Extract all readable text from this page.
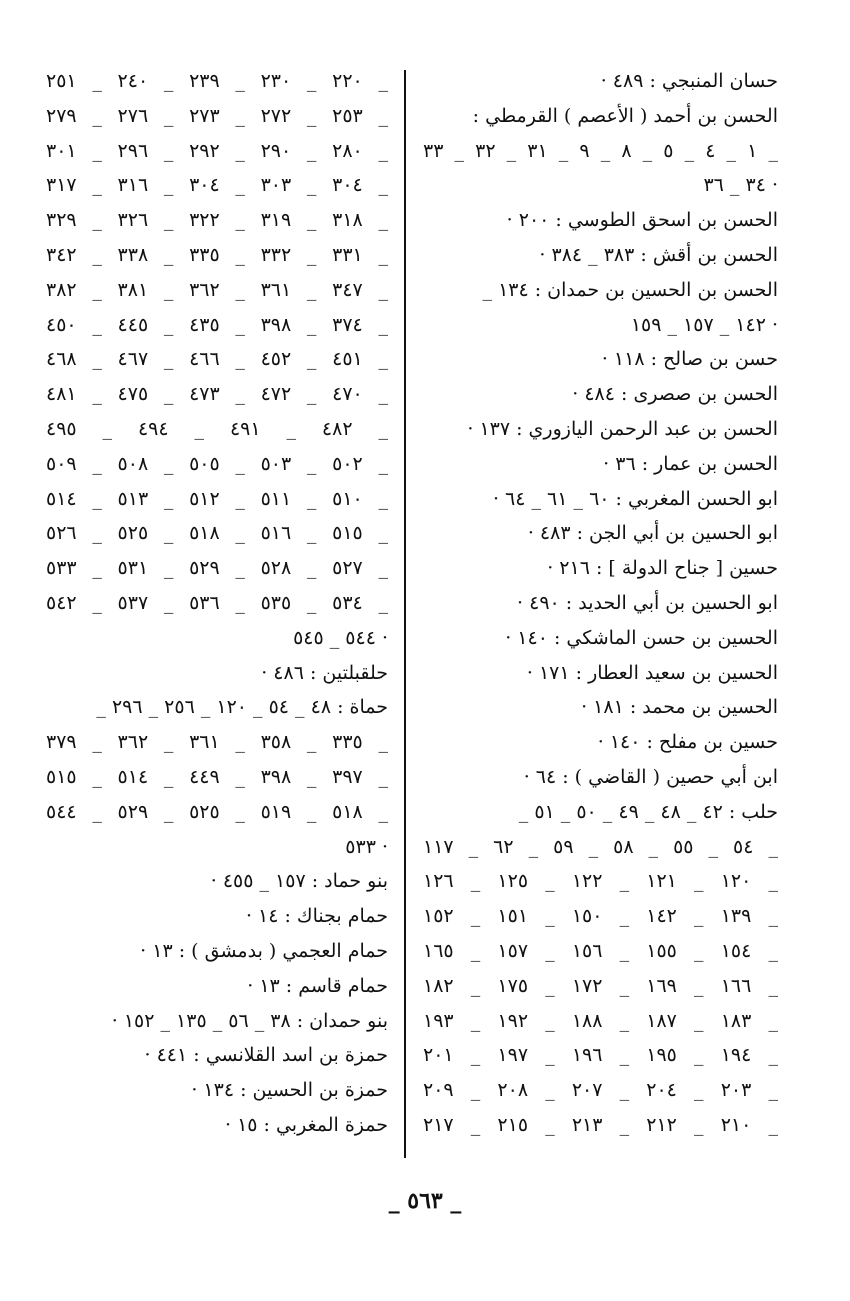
حسان المنبجي : ٤٨٩ ·
الحسن بن أحمد ( الأعصم ) القرمطي :
١ _ ٤ _ ٥ _ ٨ _ ٩ _ ٣١ _ ٣٢ _ ٣٣ _
٣٤ _ ٣٦ ·
الحسن بن اسحق الطوسي : ٢٠٠ ·
الحسن بن أقش : ٣٨٣ _ ٣٨٤ ·
الحسن بن الحسين بن حمدان : ١٣٤ _
١٤٢ _ ١٥٧ _ ١٥٩ ·
حسن بن صالح : ١١٨ ·
الحسن بن صصرى : ٤٨٤ ·
الحسن بن عبد الرحمن اليازوري : ١٣٧ ·
الحسن بن عمار : ٣٦ ·
ابو الحسن المغربي : ٦٠ _ ٦١ _ ٦٤ ·
ابو الحسين بن أبي الجن : ٤٨٣ ·
حسين [ جناح الدولة ] : ٢١٦ ·
ابو الحسين بن أبي الحديد : ٤٩٠ ·
الحسين بن حسن الماشكي : ١٤٠ ·
الحسين بن سعيد العطار : ١٧١ ·
الحسين بن محمد : ١٨١ ·
حسين بن مفلح : ١٤٠ ·
ابن أبي حصين ( القاضي ) : ٦٤ ·
حلب : ٤٢ _ ٤٨ _ ٤٩ _ ٥٠ _ ٥١ _
٥٤ _ ٥٥ _ ٥٨ _ ٥٩ _ ٦٢ _ ١١٧ _
١٢٠ _ ١٢١ _ ١٢٢ _ ١٢٥ _ ١٢٦ _
١٣٩ _ ١٤٢ _ ١٥٠ _ ١٥١ _ ١٥٢ _
١٥٤ _ ١٥٥ _ ١٥٦ _ ١٥٧ _ ١٦٥ _
١٦٦ _ ١٦٩ _ ١٧٢ _ ١٧٥ _ ١٨٢ _
١٨٣ _ ١٨٧ _ ١٨٨ _ ١٩٢ _ ١٩٣ _
١٩٤ _ ١٩٥ _ ١٩٦ _ ١٩٧ _ ٢٠١ _
٢٠٣ _ ٢٠٤ _ ٢٠٧ _ ٢٠٨ _ ٢٠٩ _
٢١٠ _ ٢١٢ _ ٢١٣ _ ٢١٥ _ ٢١٧ _
٢٢٠ _ ٢٣٠ _ ٢٣٩ _ ٢٤٠ _ ٢٥١ _
٢٥٣ _ ٢٧٢ _ ٢٧٣ _ ٢٧٦ _ ٢٧٩ _
٢٨٠ _ ٢٩٠ _ ٢٩٢ _ ٢٩٦ _ ٣٠١ _
٣٠٤ _ ٣٠٣ _ ٣٠٤ _ ٣١٦ _ ٣١٧ _
٣١٨ _ ٣١٩ _ ٣٢٢ _ ٣٢٦ _ ٣٢٩ _
٣٣١ _ ٣٣٢ _ ٣٣٥ _ ٣٣٨ _ ٣٤٢ _
٣٤٧ _ ٣٦١ _ ٣٦٢ _ ٣٨١ _ ٣٨٢ _
٣٧٤ _ ٣٩٨ _ ٤٣٥ _ ٤٤٥ _ ٤٥٠ _
٤٥١ _ ٤٥٢ _ ٤٦٦ _ ٤٦٧ _ ٤٦٨ _
٤٧٠ _ ٤٧٢ _ ٤٧٣ _ ٤٧٥ _ ٤٨١ _
٤٨٢ _ ٤٩١ _ ٤٩٤ _ ٤٩٥ _
٥٠٢ _ ٥٠٣ _ ٥٠٥ _ ٥٠٨ _ ٥٠٩ _
٥١٠ _ ٥١١ _ ٥١٢ _ ٥١٣ _ ٥١٤ _
٥١٥ _ ٥١٦ _ ٥١٨ _ ٥٢٥ _ ٥٢٦ _
٥٢٧ _ ٥٢٨ _ ٥٢٩ _ ٥٣١ _ ٥٣٣ _
٥٣٤ _ ٥٣٥ _ ٥٣٦ _ ٥٣٧ _ ٥٤٢ _
٥٤٤ _ ٥٤٥ ·
حلقبلتين : ٤٨٦ ·
حماة : ٤٨ _ ٥٤ _ ١٢٠ _ ٢٥٦ _ ٢٩٦ _
٣٣٥ _ ٣٥٨ _ ٣٦١ _ ٣٦٢ _ ٣٧٩ _
٣٩٧ _ ٣٩٨ _ ٤٤٩ _ ٥١٤ _ ٥١٥ _
٥١٨ _ ٥١٩ _ ٥٢٥ _ ٥٢٩ _ ٥٤٤ _
٥٣٣ ·
بنو حماد : ١٥٧ _ ٤٥٥ ·
حمام بجناك : ١٤ ·
حمام العجمي ( بدمشق ) : ١٣ ·
حمام قاسم : ١٣ ·
بنو حمدان : ٣٨ _ ٥٦ _ ١٣٥ _ ١٥٢ ·
حمزة بن اسد القلانسي : ٤٤١ ·
حمزة بن الحسين : ١٣٤ ·
حمزة المغربي : ١٥ ·
_ ٥٦٣ _
